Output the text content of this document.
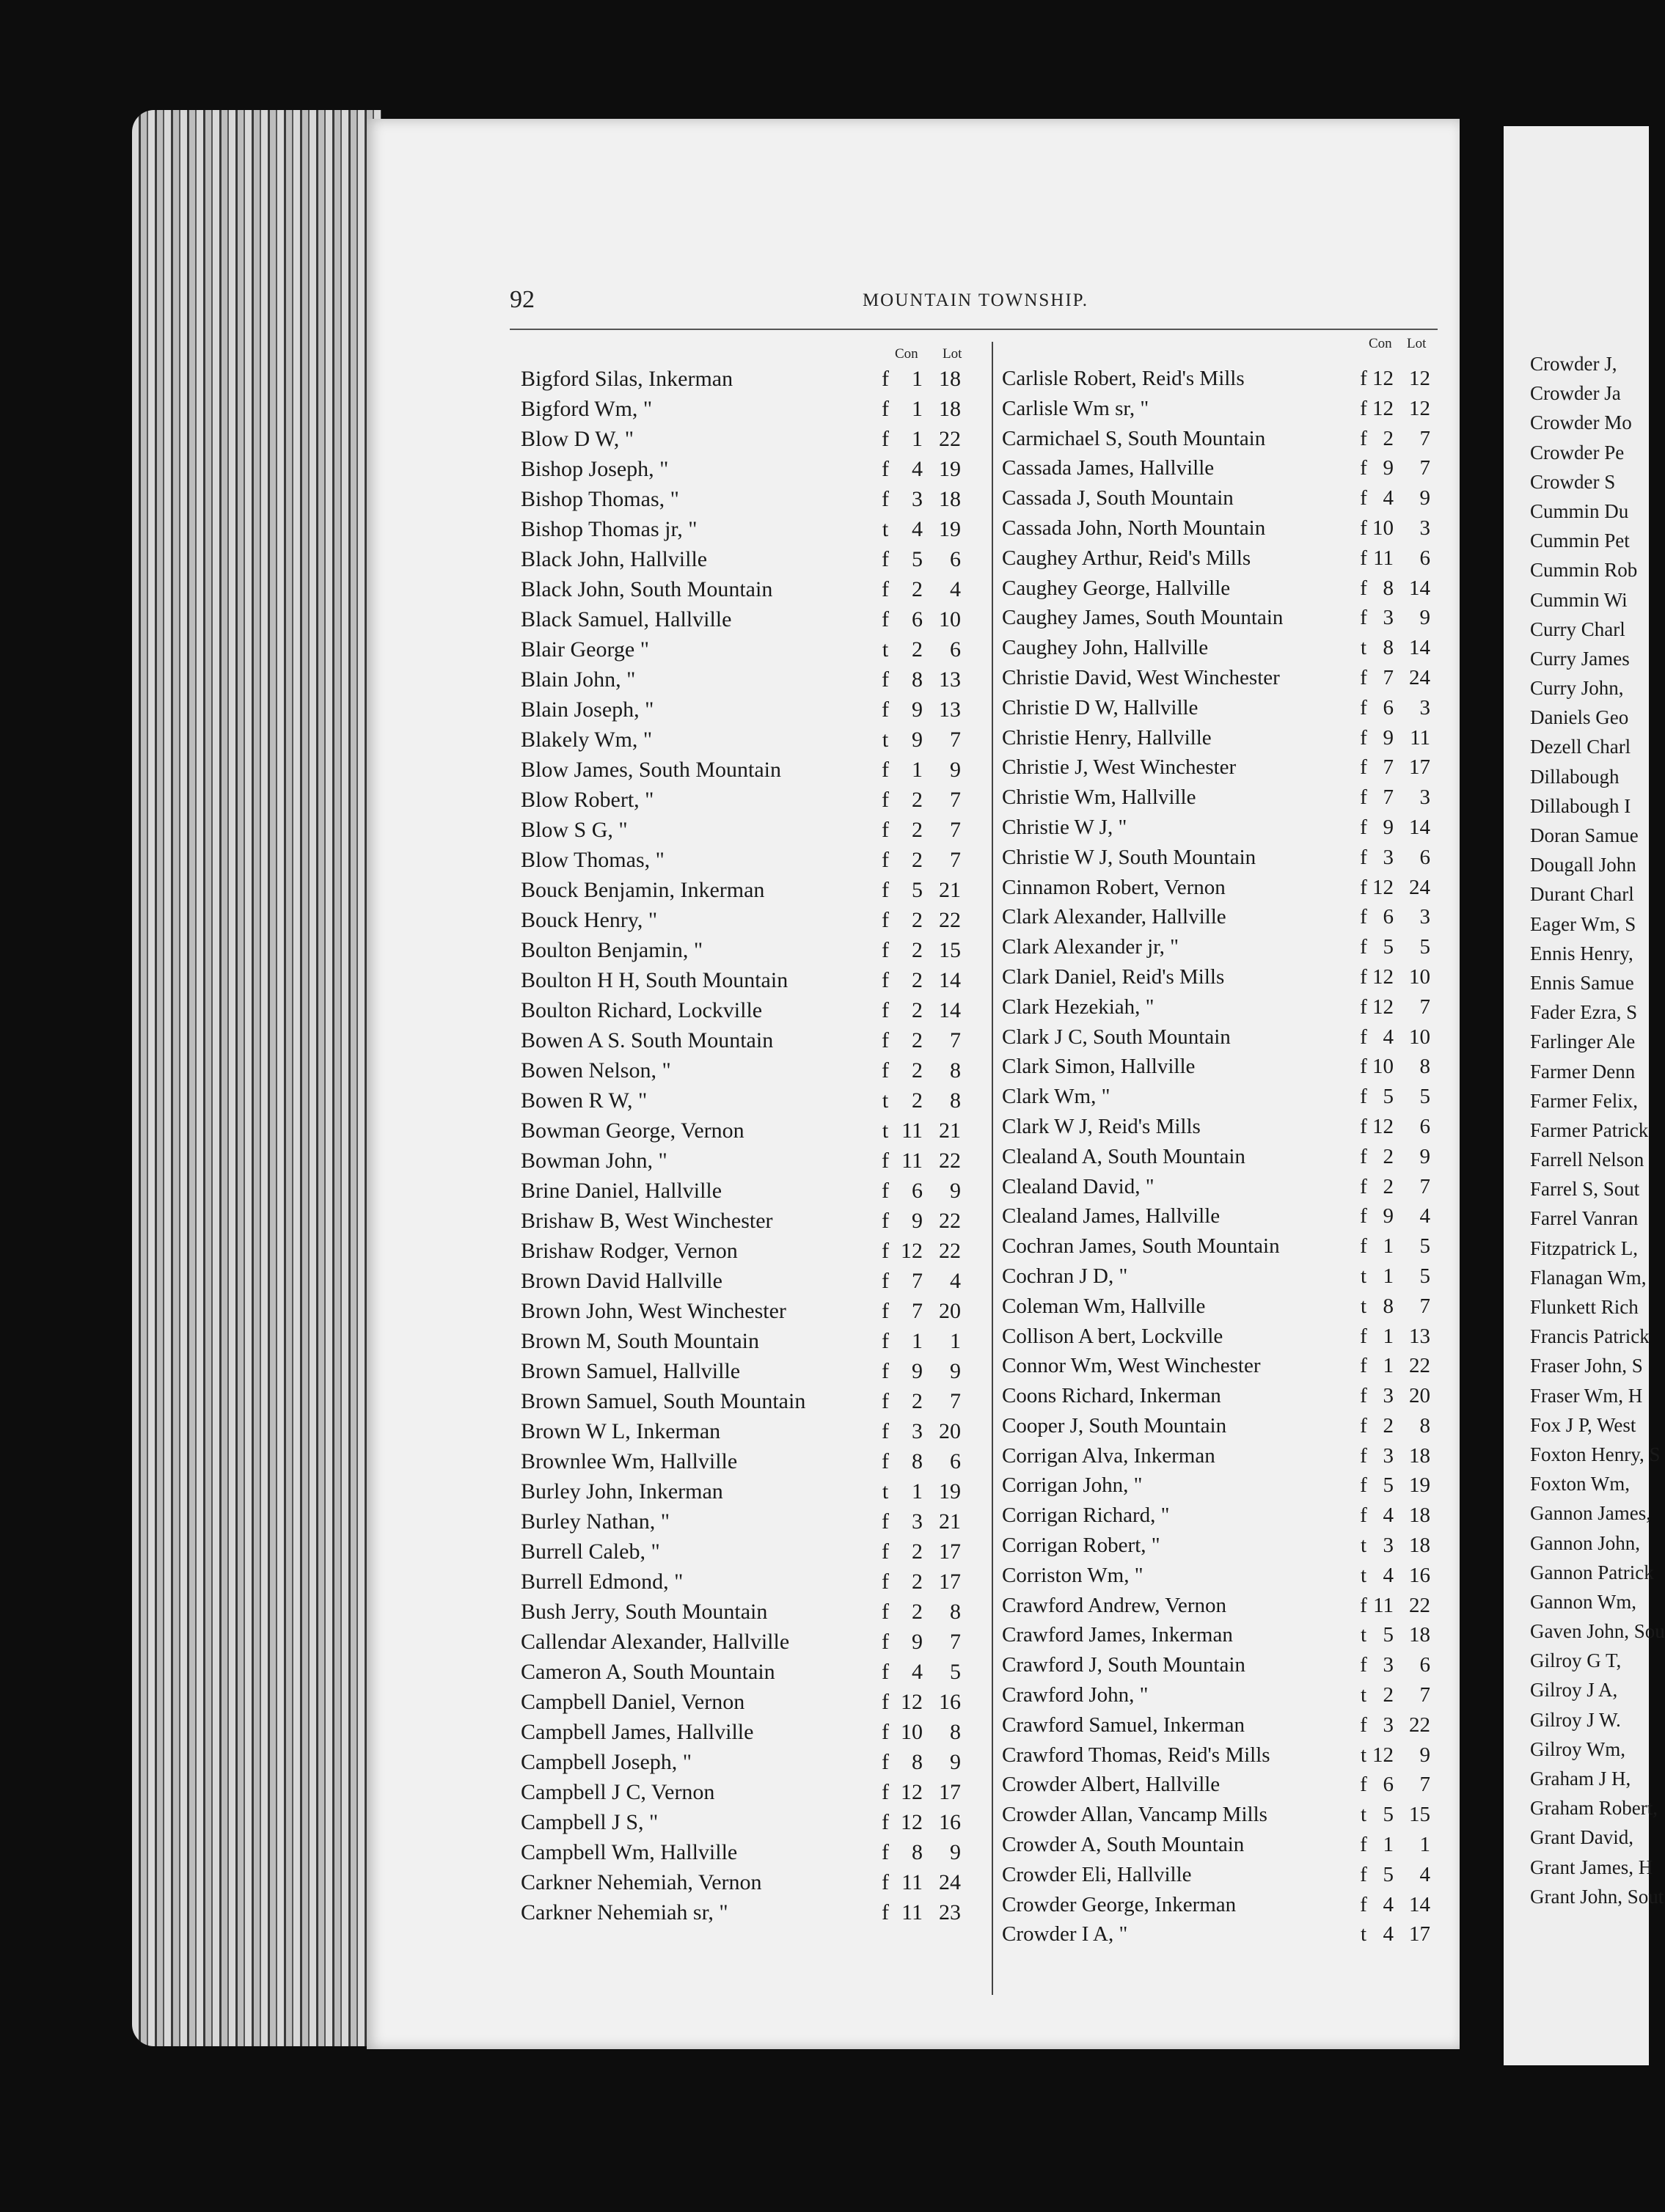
92	MOUNTAIN TOWNSHIP.
Con Lot
Bigford Silas, Inkerman	f	1 18
Bigford Wm, "	f	1 18
Blow D W, "	f	1 22
Bishop Joseph, "	f	4 19
Bishop Thomas, "	f	3 18
Bishop Thomas jr, "	t	4 19
Black John, Hallville	f	5	6
Black John, South Mountain	f	2	4
Black Samuel, Hallville	f	6 10
Blair George "	t	2	6
Blain John, "	f	8 13
Blain Joseph, "	f	9 13
Blakely Wm, "	t	9	7
Blow James, South Mountain	f	1	9
Blow Robert, "	f	2	7
Blow S G, "	f	2	7
Blow Thomas, "	f	2	7
Bouck Benjamin, Inkerman	f	5 21
Bouck Henry, "	f	2 22
Boulton Benjamin, "	f	2 15
Boulton H H, South Mountain	f	2 14
Boulton Richard, Lockville	f	2 14
Bowen A S. South Mountain	f	2	7
Bowen Nelson, "	f	2	8
Bowen R W, "	t	2	8
Bowman George, Vernon	t 11 21
Bowman John, "	f 11 22
Brine Daniel, Hallville	f	6	9
Brishaw B, West Winchester	f	9 22
Brishaw Rodger, Vernon	f 12 22
Brown David Hallville	f	7	4
Brown John, West Winchester	f	7 20
Brown M, South Mountain	f	1	1
Brown Samuel, Hallville	f	9	9
Brown Samuel, South Mountain	f	2	7
Brown W L, Inkerman	f	3 20
Brownlee Wm, Hallville	f	8	6
Burley John, Inkerman	t	1 19
Burley Nathan, "	f	3 21
Burrell Caleb, "	f	2 17
Burrell Edmond, "	f	2 17
Bush Jerry, South Mountain	f	2	8
Callendar Alexander, Hallville	f	9	7
Cameron A, South Mountain	f	4	5
Campbell Daniel, Vernon	f 12 16
Campbell James, Hallville	f 10	8
Campbell Joseph, "	f	8	9
Campbell J C, Vernon	f 12 17
Campbell J S, "	f 12 16
Campbell Wm, Hallville	f	8	9
Carkner Nehemiah, Vernon	f 11 24
Carkner Nehemiah sr, "	f 11 23
Con Lot
Carlisle Robert, Reid's Mills	f 12 12
Carlisle Wm sr, "	f 12 12
Carmichael S, South Mountain	f 2	7
Cassada James, Hallville	f 9	7
Cassada J, South Mountain	f 4	9
Cassada John, North Mountain	f 10	3
Caughey Arthur, Reid's Mills	f 11	6
Caughey George, Hallville	f 8 14
Caughey James, South Mountain	f 3	9
Caughey John, Hallville	t 8 14
Christie David, West Winchester	f 7 24
Christie D W, Hallville	f 6	3
Christie Henry, Hallville	f 9 11
Christie J, West Winchester	f 7 17
Christie Wm, Hallville	f 7	3
Christie W J, "	f 9 14
Christie W J, South Mountain	f 3	6
Cinnamon Robert, Vernon	f 12 24
Clark Alexander, Hallville	f 6	3
Clark Alexander jr, "	f 5	5
Clark Daniel, Reid's Mills	f 12 10
Clark Hezekiah, "	f 12	7
Clark J C, South Mountain	f 4 10
Clark Simon, Hallville	f 10	8
Clark Wm, "	f 5	5
Clark W J, Reid's Mills	f 12	6
Clealand A, South Mountain	f 2	9
Clealand David, "	f 2	7
Clealand James, Hallville	f 9	4
Cochran James, South Mountain	f 1	5
Cochran J D, "	t 1	5
Coleman Wm, Hallville	t 8	7
Collison A bert, Lockville	f 1 13
Connor Wm, West Winchester	f 1 22
Coons Richard, Inkerman	f 3 20
Cooper J, South Mountain	f 2	8
Corrigan Alva, Inkerman	f 3 18
Corrigan John, "	f 5 19
Corrigan Richard, "	f 4 18
Corrigan Robert, "	t 3 18
Corriston Wm, "	t 4 16
Crawford Andrew, Vernon	f 11 22
Crawford James, Inkerman	t 5 18
Crawford J, South Mountain	f 3	6
Crawford John, "	t 2	7
Crawford Samuel, Inkerman	f 3 22
Crawford Thomas, Reid's Mills	t 12	9
Crowder Albert, Hallville	f 6	7
Crowder Allan, Vancamp Mills	t 5 15
Crowder A, South Mountain	f 1	1
Crowder Eli, Hallville	f 5	4
Crowder George, Inkerman	f 4 14
Crowder I A, "	t 4 17
Crowder J,
Crowder Ja
Crowder Mo
Crowder Pe
Crowder S
Cummin Du
Cummin Pet
Cummin Rob
Cummin Wi
Curry Charl
Curry James
Curry John,
Daniels Geo
Dezell Charl
Dillabough
Dillabough I
Doran Samue
Dougall John
Durant Charl
Eager Wm, S
Ennis Henry,
Ennis Samue
Fader Ezra, S
Farlinger Ale
Farmer Denn
Farmer Felix,
Farmer Patrick
Farrell Nelson
Farrel S, Sout
Farrel Vanran
Fitzpatrick L,
Flanagan Wm,
Flunkett Rich
Francis Patrick
Fraser John, S
Fraser Wm, H
Fox J P, West
Foxton Henry, S
Foxton Wm,
Gannon James,
Gannon John,
Gannon Patrick
Gannon Wm,
Gaven John, Sou
Gilroy G T,
Gilroy J A,
Gilroy J W.
Gilroy Wm,
Graham J H,
Graham Robert,
Grant David,
Grant James, H
Grant John, Sout
